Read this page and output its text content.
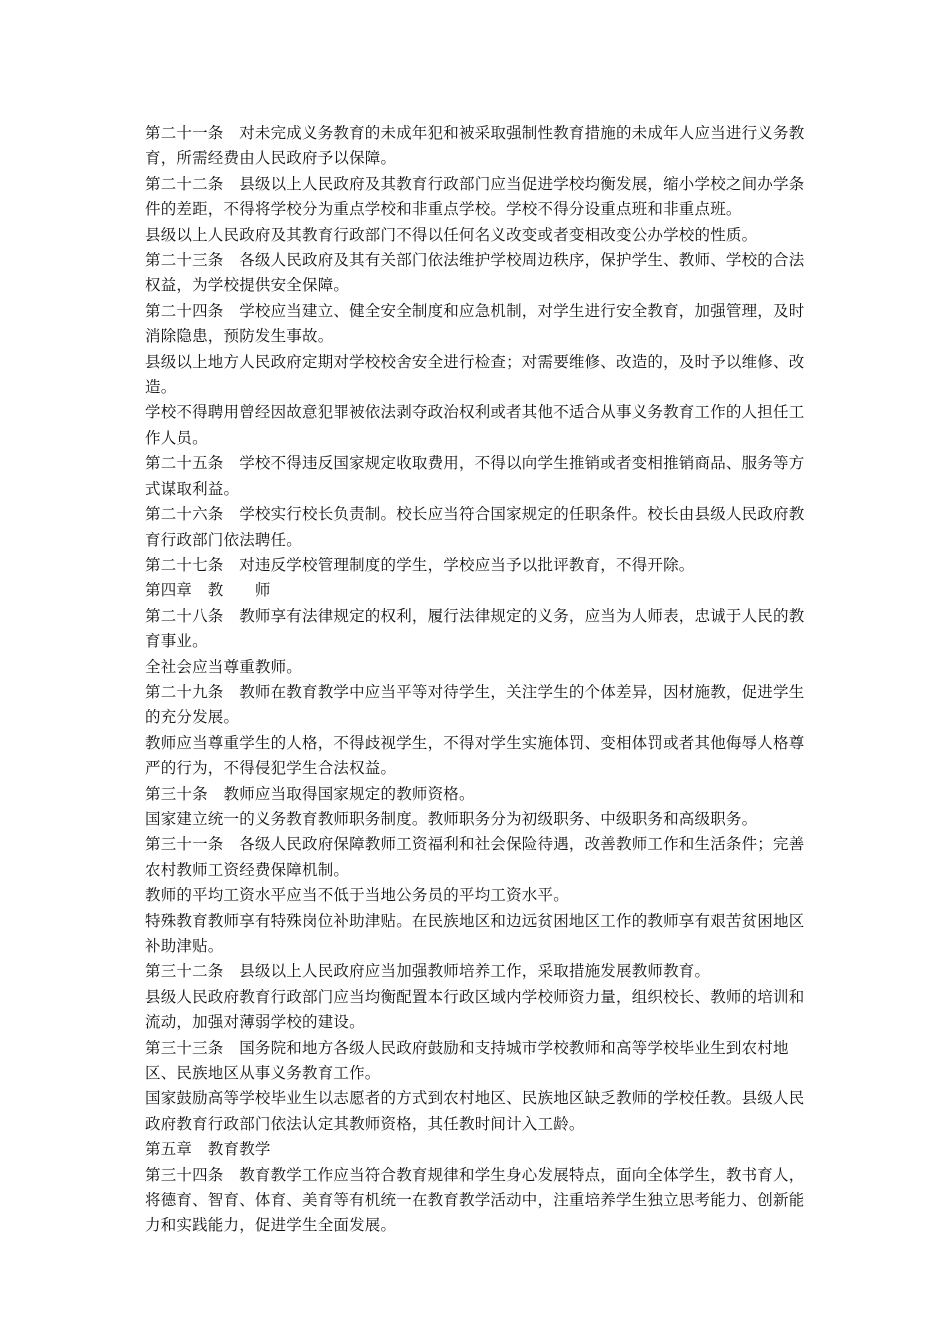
第二十一条　对未完成义务教育的未成年犯和被采取强制性教育措施的未成年人应当进行义务教育，所需经费由人民政府予以保障。

第二十二条　县级以上人民政府及其教育行政部门应当促进学校均衡发展，缩小学校之间办学条件的差距，不得将学校分为重点学校和非重点学校。学校不得分设重点班和非重点班。

县级以上人民政府及其教育行政部门不得以任何名义改变或者变相改变公办学校的性质。

第二十三条　各级人民政府及其有关部门依法维护学校周边秩序，保护学生、教师、学校的合法权益，为学校提供安全保障。

第二十四条　学校应当建立、健全安全制度和应急机制，对学生进行安全教育，加强管理，及时消除隐患，预防发生事故。

县级以上地方人民政府定期对学校校舍安全进行检查；对需要维修、改造的，及时予以维修、改造。

学校不得聘用曾经因故意犯罪被依法剥夺政治权利或者其他不适合从事义务教育工作的人担任工作人员。

第二十五条　学校不得违反国家规定收取费用，不得以向学生推销或者变相推销商品、服务等方式谋取利益。

第二十六条　学校实行校长负责制。校长应当符合国家规定的任职条件。校长由县级人民政府教育行政部门依法聘任。

第二十七条　对违反学校管理制度的学生，学校应当予以批评教育，不得开除。

第四章　教　　师

第二十八条　教师享有法律规定的权利，履行法律规定的义务，应当为人师表，忠诚于人民的教育事业。

全社会应当尊重教师。

第二十九条　教师在教育教学中应当平等对待学生，关注学生的个体差异，因材施教，促进学生的充分发展。

教师应当尊重学生的人格，不得歧视学生，不得对学生实施体罚、变相体罚或者其他侮辱人格尊严的行为，不得侵犯学生合法权益。

第三十条　教师应当取得国家规定的教师资格。

国家建立统一的义务教育教师职务制度。教师职务分为初级职务、中级职务和高级职务。

第三十一条　各级人民政府保障教师工资福利和社会保险待遇，改善教师工作和生活条件；完善农村教师工资经费保障机制。

教师的平均工资水平应当不低于当地公务员的平均工资水平。

特殊教育教师享有特殊岗位补助津贴。在民族地区和边远贫困地区工作的教师享有艰苦贫困地区补助津贴。

第三十二条　县级以上人民政府应当加强教师培养工作，采取措施发展教师教育。

县级人民政府教育行政部门应当均衡配置本行政区域内学校师资力量，组织校长、教师的培训和流动，加强对薄弱学校的建设。

第三十三条　国务院和地方各级人民政府鼓励和支持城市学校教师和高等学校毕业生到农村地区、民族地区从事义务教育工作。

国家鼓励高等学校毕业生以志愿者的方式到农村地区、民族地区缺乏教师的学校任教。县级人民政府教育行政部门依法认定其教师资格，其任教时间计入工龄。

第五章　教育教学

第三十四条　教育教学工作应当符合教育规律和学生身心发展特点，面向全体学生，教书育人，将德育、智育、体育、美育等有机统一在教育教学活动中，注重培养学生独立思考能力、创新能力和实践能力，促进学生全面发展。
